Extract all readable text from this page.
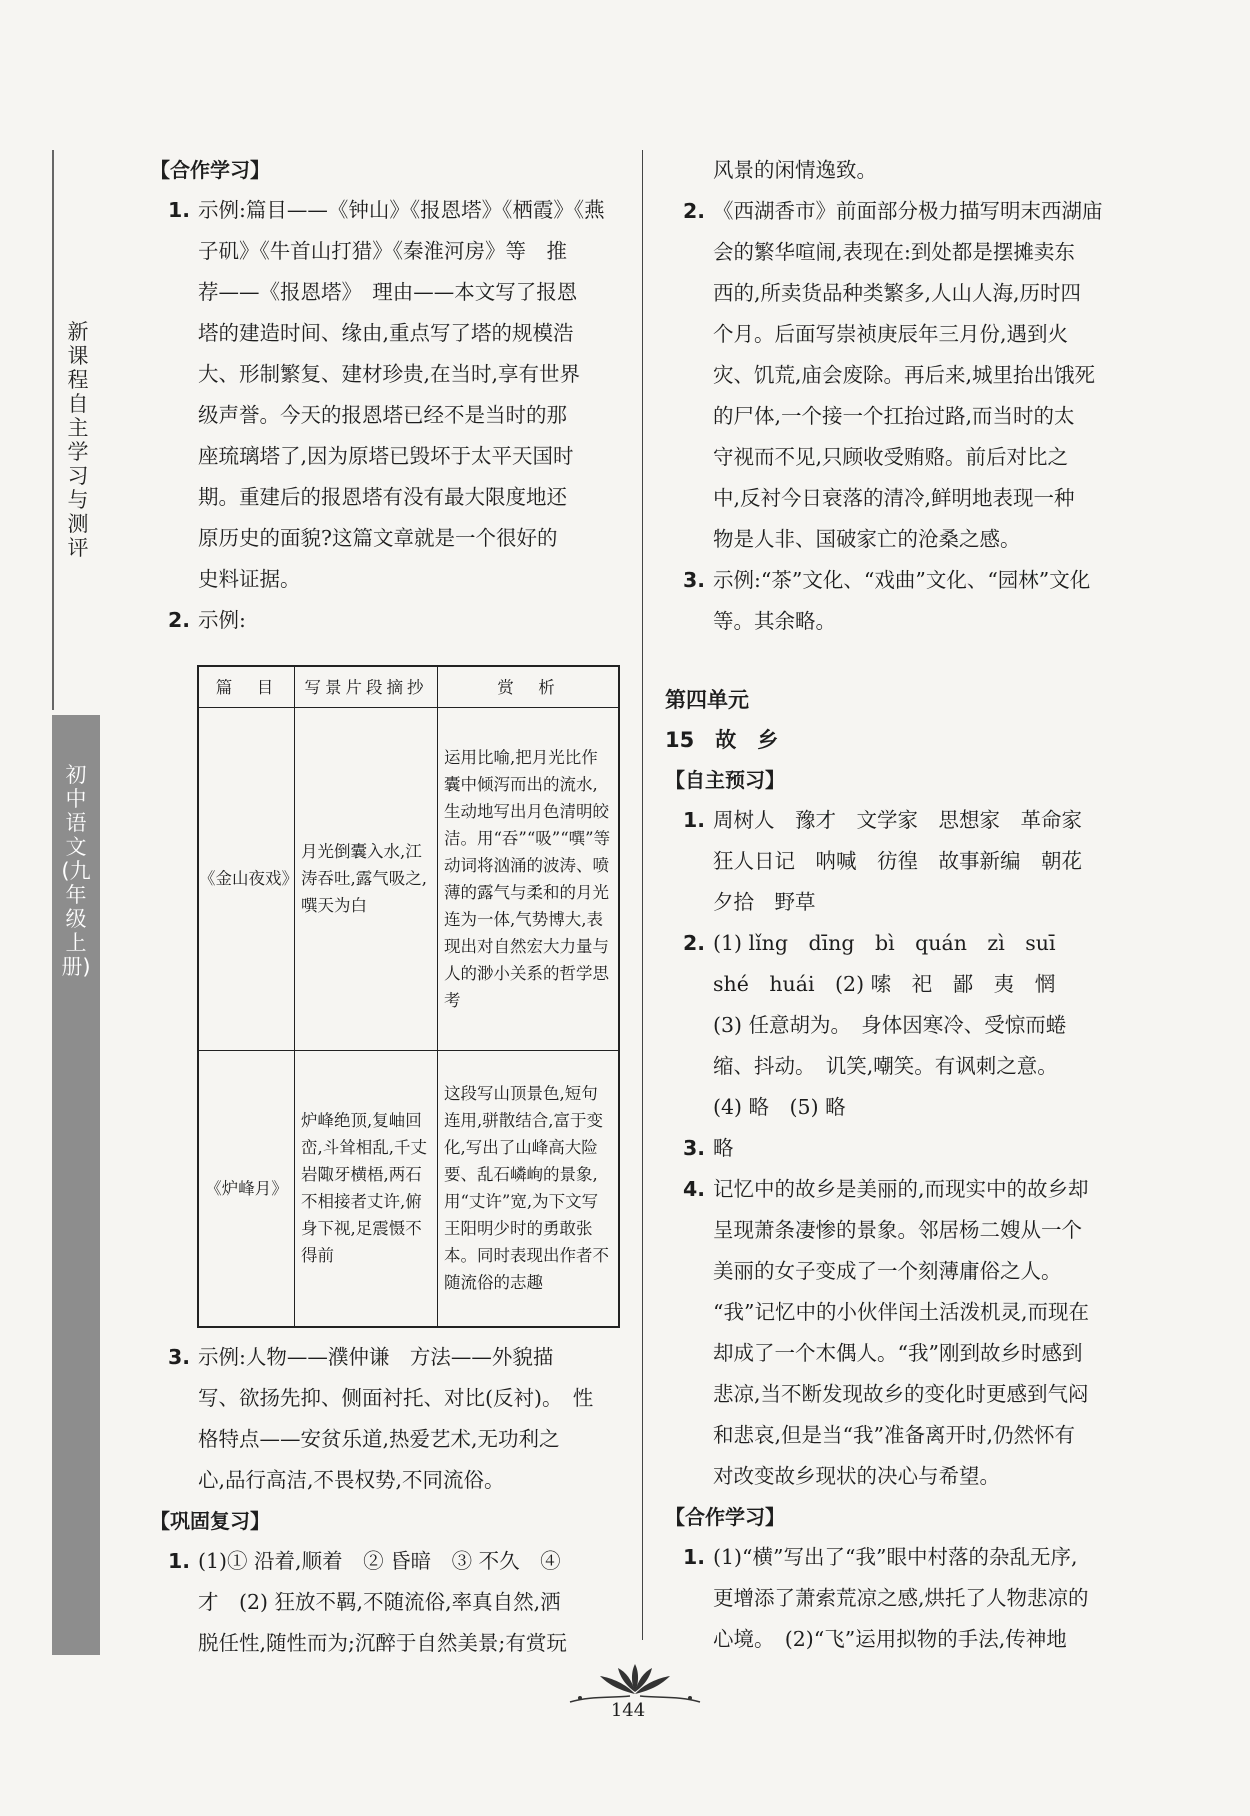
新课程自主学习与测评
初中语文(九年级上册)
【合作学习】
1. 示例:篇目——《钟山》《报恩塔》《栖霞》《燕
子矶》《牛首山打猎》《秦淮河房》等　推
荐——《报恩塔》　理由——本文写了报恩
塔的建造时间、缘由,重点写了塔的规模浩
大、形制繁复、建材珍贵,在当时,享有世界
级声誉。今天的报恩塔已经不是当时的那
座琉璃塔了,因为原塔已毁坏于太平天国时
期。重建后的报恩塔有没有最大限度地还
原历史的面貌?这篇文章就是一个很好的
史料证据。
2. 示例:
篇　目	写景片段摘抄	赏　析
《金山夜戏》	月光倒囊入水,江涛吞吐,露气吸之,噀天为白	运用比喻,把月光比作囊中倾泻而出的流水,生动地写出月色清明皎洁。用“吞”“吸”“噀”等动词将汹涌的波涛、喷薄的露气与柔和的月光连为一体,气势博大,表现出对自然宏大力量与人的渺小关系的哲学思考
《炉峰月》	炉峰绝顶,复岫回峦,斗耸相乱,千丈岩陬牙横梧,两石不相接者丈许,俯身下视,足震慑不得前	这段写山顶景色,短句连用,骈散结合,富于变化,写出了山峰高大险要、乱石嶙峋的景象,用“丈许”宽,为下文写王阳明少时的勇敢张本。同时表现出作者不随流俗的志趣
3. 示例:人物——濮仲谦　方法——外貌描
写、欲扬先抑、侧面衬托、对比(反衬)。　性
格特点——安贫乐道,热爱艺术,无功利之
心,品行高洁,不畏权势,不同流俗。
【巩固复习】
1. (1)① 沿着,顺着　② 昏暗　③ 不久　④
才　(2) 狂放不羁,不随流俗,率真自然,洒
脱任性,随性而为;沉醉于自然美景;有赏玩
风景的闲情逸致。
2. 《西湖香市》前面部分极力描写明末西湖庙
会的繁华喧闹,表现在:到处都是摆摊卖东
西的,所卖货品种类繁多,人山人海,历时四
个月。后面写崇祯庚辰年三月份,遇到火
灾、饥荒,庙会废除。再后来,城里抬出饿死
的尸体,一个接一个扛抬过路,而当时的太
守视而不见,只顾收受贿赂。前后对比之
中,反衬今日衰落的清冷,鲜明地表现一种
物是人非、国破家亡的沧桑之感。
3. 示例:“茶”文化、“戏曲”文化、“园林”文化
等。其余略。
第四单元
15　故　乡
【自主预习】
1. 周树人　豫才　文学家　思想家　革命家
狂人日记　呐喊　彷徨　故事新编　朝花
夕拾　野草
2. (1) lǐng　dīng　bì　quán　zì　suī
shé　huái　(2) 嗦　祀　鄙　夷　惘
(3) 任意胡为。　身体因寒冷、受惊而蜷
缩、抖动。　讥笑,嘲笑。有讽刺之意。
(4) 略　(5) 略
3. 略
4. 记忆中的故乡是美丽的,而现实中的故乡却
呈现萧条凄惨的景象。邻居杨二嫂从一个
美丽的女子变成了一个刻薄庸俗之人。
“我”记忆中的小伙伴闰土活泼机灵,而现在
却成了一个木偶人。“我”刚到故乡时感到
悲凉,当不断发现故乡的变化时更感到气闷
和悲哀,但是当“我”准备离开时,仍然怀有
对改变故乡现状的决心与希望。
【合作学习】
1. (1)“横”写出了“我”眼中村落的杂乱无序,
更增添了萧索荒凉之感,烘托了人物悲凉的
心境。　(2)“飞”运用拟物的手法,传神地
144
